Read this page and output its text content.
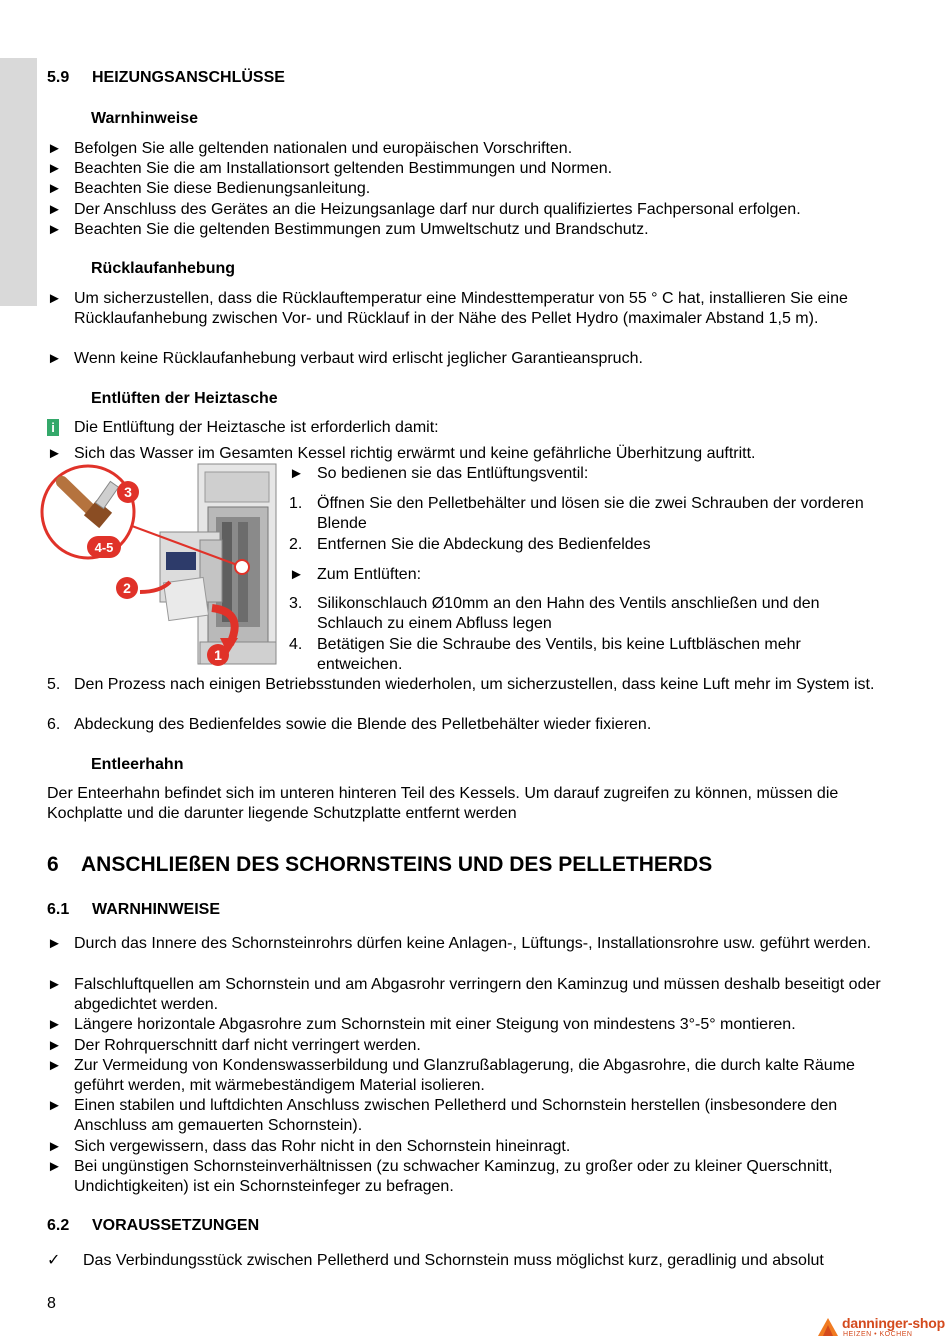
5.9 HEIZUNGSANSCHLÜSSE
Warnhinweise
► Befolgen Sie alle geltenden nationalen und europäischen Vorschriften.
► Beachten Sie die am Installationsort geltenden Bestimmungen und Normen.
► Beachten Sie diese Bedienungsanleitung.
► Der Anschluss des Gerätes an die Heizungsanlage darf nur durch qualifiziertes Fachpersonal erfolgen.
► Beachten Sie die geltenden Bestimmungen zum Umweltschutz und Brandschutz.
Rücklaufanhebung
► Um sicherzustellen, dass die Rücklauftemperatur eine Mindesttemperatur von 55 ° C hat, installieren Sie eine Rücklaufanhebung zwischen Vor- und Rücklauf in der Nähe des Pellet Hydro (maximaler Abstand 1,5 m).
► Wenn keine Rücklaufanhebung verbaut wird erlischt jeglicher Garantieanspruch.
Entlüften der Heiztasche
i	Die Entlüftung der Heiztasche ist erforderlich damit:
► Sich das Wasser im Gesamten Kessel richtig erwärmt und keine gefährliche Überhitzung auftritt.
3
4-5
2
1
► So bedienen sie das Entlüftungsventil:
1. Öffnen Sie den Pelletbehälter und lösen sie die zwei Schrauben der vorderen Blende
2. Entfernen Sie die Abdeckung des Bedienfeldes
► Zum Entlüften:
3. Silikonschlauch Ø10mm an den Hahn des Ventils anschließen und den Schlauch zu einem Abfluss legen
4. Betätigen Sie die Schraube des Ventils, bis keine Luftbläschen mehr entweichen.
5. Den Prozess nach einigen Betriebsstunden wiederholen, um sicherzustellen, dass keine Luft mehr im System ist.
6. Abdeckung des Bedienfeldes sowie die Blende des Pelletbehälter wieder fixieren.
Entleerhahn
Der Enteerhahn befindet sich im unteren hinteren Teil des Kessels. Um darauf zugreifen zu können, müssen die Kochplatte und die darunter liegende Schutzplatte entfernt werden
6 ANSCHLIEßEN DES SCHORNSTEINS UND DES PELLETHERDS
6.1 WARNHINWEISE
► Durch das Innere des Schornsteinrohrs dürfen keine Anlagen-, Lüftungs-, Installationsrohre usw. geführt werden.
► Falschluftquellen am Schornstein und am Abgasrohr verringern den Kaminzug und müssen deshalb beseitigt oder abgedichtet werden.
► Längere horizontale Abgasrohre zum Schornstein mit einer Steigung von mindestens 3°-5° montieren.
► Der Rohrquerschnitt darf nicht verringert werden.
► Zur Vermeidung von Kondenswasserbildung und Glanzrußablagerung, die Abgasrohre, die durch kalte Räume geführt werden, mit wärmebeständigem Material isolieren.
► Einen stabilen und luftdichten Anschluss zwischen Pelletherd und Schornstein herstellen (insbesondere den Anschluss am gemauerten Schornstein).
► Sich vergewissern, dass das Rohr nicht in den Schornstein hineinragt.
► Bei ungünstigen Schornsteinverhältnissen (zu schwacher Kaminzug, zu großer oder zu kleiner Querschnitt, Undichtigkeiten) ist ein Schornsteinfeger zu befragen.
6.2 VORAUSSETZUNGEN
✓	Das Verbindungsstück zwischen Pelletherd und Schornstein muss möglichst kurz, geradlinig und absolut
8
danninger-shop
HEIZEN • KOCHEN
